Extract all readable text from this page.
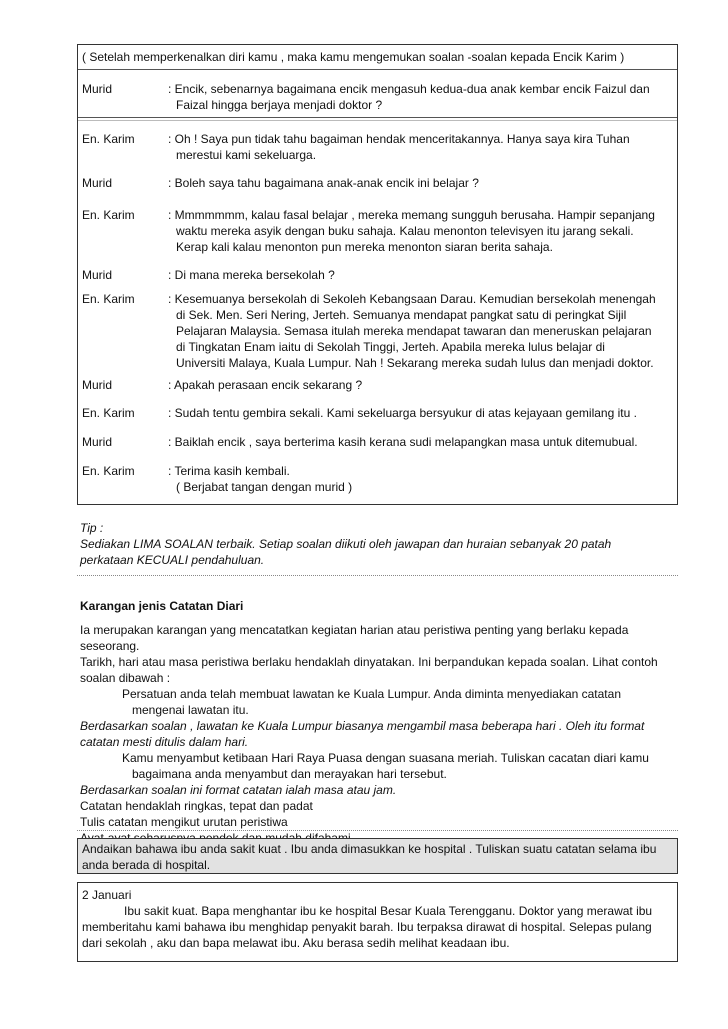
( Setelah memperkenalkan diri kamu , maka kamu mengemukan soalan -soalan kepada Encik Karim )
Murid	: Encik, sebenarnya bagaimana encik mengasuh kedua-dua anak kembar encik Faizul dan
Faizal hingga berjaya menjadi doktor ?
En. Karim	: Oh ! Saya pun tidak tahu bagaiman hendak menceritakannya. Hanya saya kira Tuhan
merestui kami sekeluarga.
Murid	: Boleh saya tahu bagaimana anak-anak encik ini belajar ?
En. Karim	: Mmmmmmm, kalau fasal belajar , mereka memang sungguh berusaha. Hampir sepanjang
waktu mereka asyik dengan buku sahaja. Kalau menonton televisyen itu jarang sekali.
Kerap kali kalau menonton pun mereka menonton siaran berita sahaja.
Murid	: Di mana mereka bersekolah ?
En. Karim	: Kesemuanya bersekolah di Sekoleh Kebangsaan Darau. Kemudian bersekolah menengah
di Sek. Men. Seri Nering, Jerteh. Semuanya mendapat pangkat satu di peringkat Sijil
Pelajaran Malaysia. Semasa itulah mereka mendapat tawaran dan meneruskan pelajaran
di Tingkatan Enam iaitu di Sekolah Tinggi, Jerteh. Apabila mereka lulus belajar di
Universiti Malaya, Kuala Lumpur. Nah ! Sekarang mereka sudah lulus dan menjadi doktor.
Murid	: Apakah perasaan encik sekarang ?
En. Karim	: Sudah tentu gembira sekali. Kami sekeluarga bersyukur di atas kejayaan gemilang itu .
Murid	: Baiklah encik , saya berterima kasih kerana sudi melapangkan masa untuk ditemubual.
En. Karim	: Terima kasih kembali.
( Berjabat tangan dengan murid )
Tip :
Sediakan LIMA SOALAN terbaik. Setiap soalan diikuti oleh jawapan dan huraian sebanyak 20 patah
perkataan KECUALI pendahuluan.
Karangan jenis Catatan Diari
Ia merupakan karangan yang mencatatkan kegiatan harian atau peristiwa penting yang berlaku kepada
seseorang.
Tarikh, hari atau masa peristiwa berlaku hendaklah dinyatakan. Ini berpandukan kepada soalan. Lihat contoh
soalan dibawah :
Persatuan anda telah membuat lawatan ke Kuala Lumpur. Anda diminta menyediakan catatan
mengenai lawatan itu.
Berdasarkan soalan , lawatan ke Kuala Lumpur biasanya mengambil masa beberapa hari . Oleh itu format
catatan mesti ditulis dalam hari.
Kamu menyambut ketibaan Hari Raya Puasa dengan suasana meriah. Tuliskan cacatan diari kamu
bagaimana anda menyambut dan merayakan hari tersebut.
Berdasarkan soalan ini format catatan ialah masa atau jam.
Catatan hendaklah ringkas, tepat dan padat
Tulis catatan mengikut urutan peristiwa
Andaikan bahawa ibu anda sakit kuat . Ibu anda dimasukkan ke hospital . Tuliskan suatu catatan selama ibu
anda berada di hospital.
2 Januari
Ibu sakit kuat. Bapa menghantar ibu ke hospital Besar Kuala Terengganu. Doktor yang merawat ibu
memberitahu kami bahawa ibu menghidap penyakit barah. Ibu terpaksa dirawat di hospital. Selepas pulang
dari sekolah , aku dan bapa melawat ibu. Aku berasa sedih melihat keadaan ibu.
